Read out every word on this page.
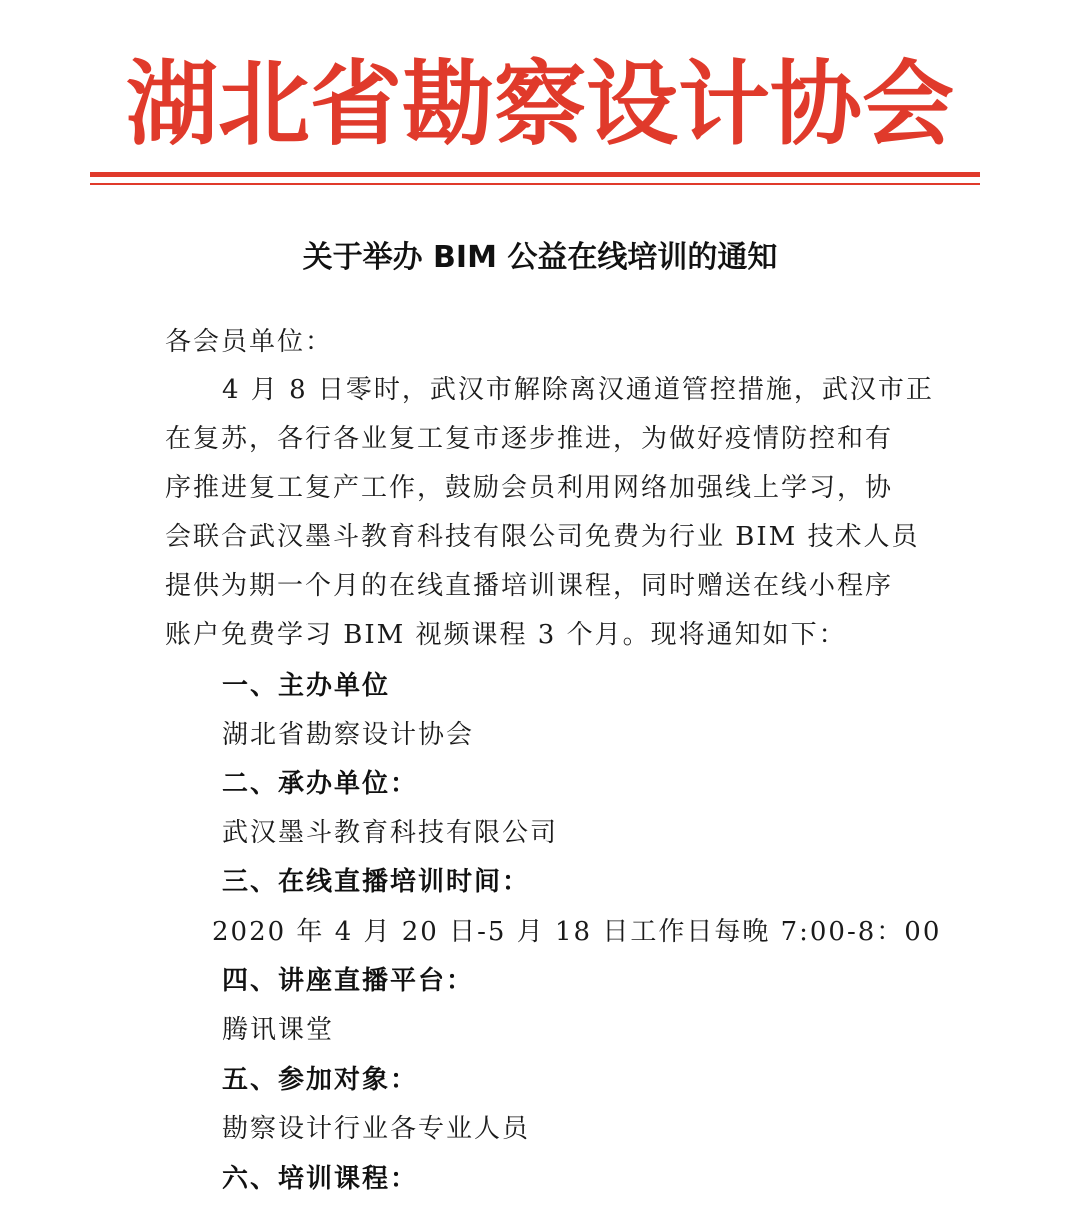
湖北省勘察设计协会
关于举办 BIM 公益在线培训的通知
各会员单位：
4 月 8 日零时，武汉市解除离汉通道管控措施，武汉市正
在复苏，各行各业复工复市逐步推进，为做好疫情防控和有
序推进复工复产工作，鼓励会员利用网络加强线上学习，协
会联合武汉墨斗教育科技有限公司免费为行业 BIM 技术人员
提供为期一个月的在线直播培训课程，同时赠送在线小程序
账户免费学习 BIM 视频课程 3 个月。现将通知如下：
一、主办单位
湖北省勘察设计协会
二、承办单位：
武汉墨斗教育科技有限公司
三、在线直播培训时间：
2020 年 4 月 20 日-5 月 18 日工作日每晚 7:00-8：00
四、讲座直播平台：
腾讯课堂
五、参加对象：
勘察设计行业各专业人员
六、培训课程：
